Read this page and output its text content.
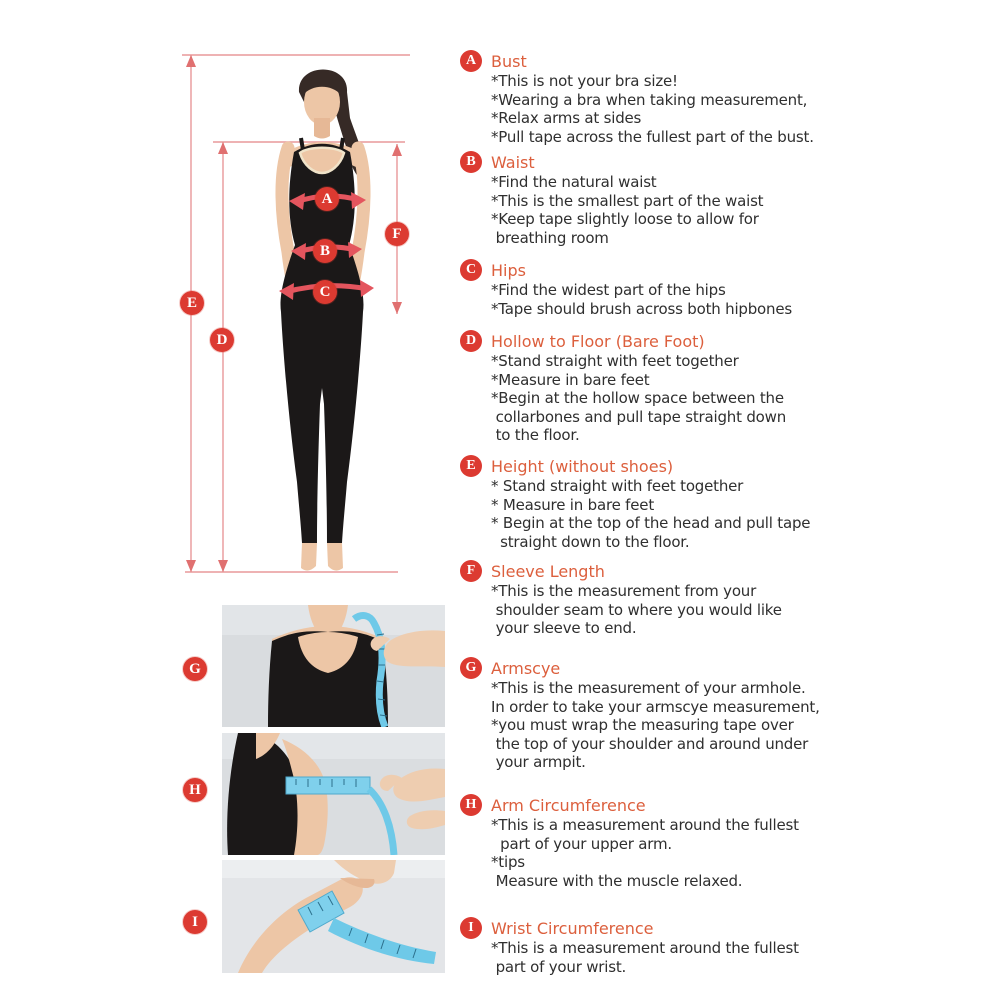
A
B
C
D
E
F
G
H
I
A Bust
*This is not your bra size!
*Wearing a bra when taking measurement,
*Relax arms at sides
*Pull tape across the fullest part of the bust.
B Waist
*Find the natural waist
*This is the smallest part of the waist
*Keep tape slightly loose to allow for
breathing room
C Hips
*Find the widest part of the hips
*Tape should brush across both hipbones
D Hollow to Floor (Bare Foot)
*Stand straight with feet together
*Measure in bare feet
*Begin at the hollow space between the
collarbones and pull tape straight down
to the floor.
E Height (without shoes)
* Stand straight with feet together
* Measure in bare feet
* Begin at the top of the head and pull tape
straight down to the floor.
F Sleeve Length
*This is the measurement from your
shoulder seam to where you would like
your sleeve to end.
G Armscye
*This is the measurement of your armhole.
In order to take your armscye measurement,
*you must wrap the measuring tape over
the top of your shoulder and around under
your armpit.
H Arm Circumference
*This is a measurement around the fullest
part of your upper arm.
*tips
Measure with the muscle relaxed.
I	Wrist Circumference
*This is a measurement around the fullest
part of your wrist.
